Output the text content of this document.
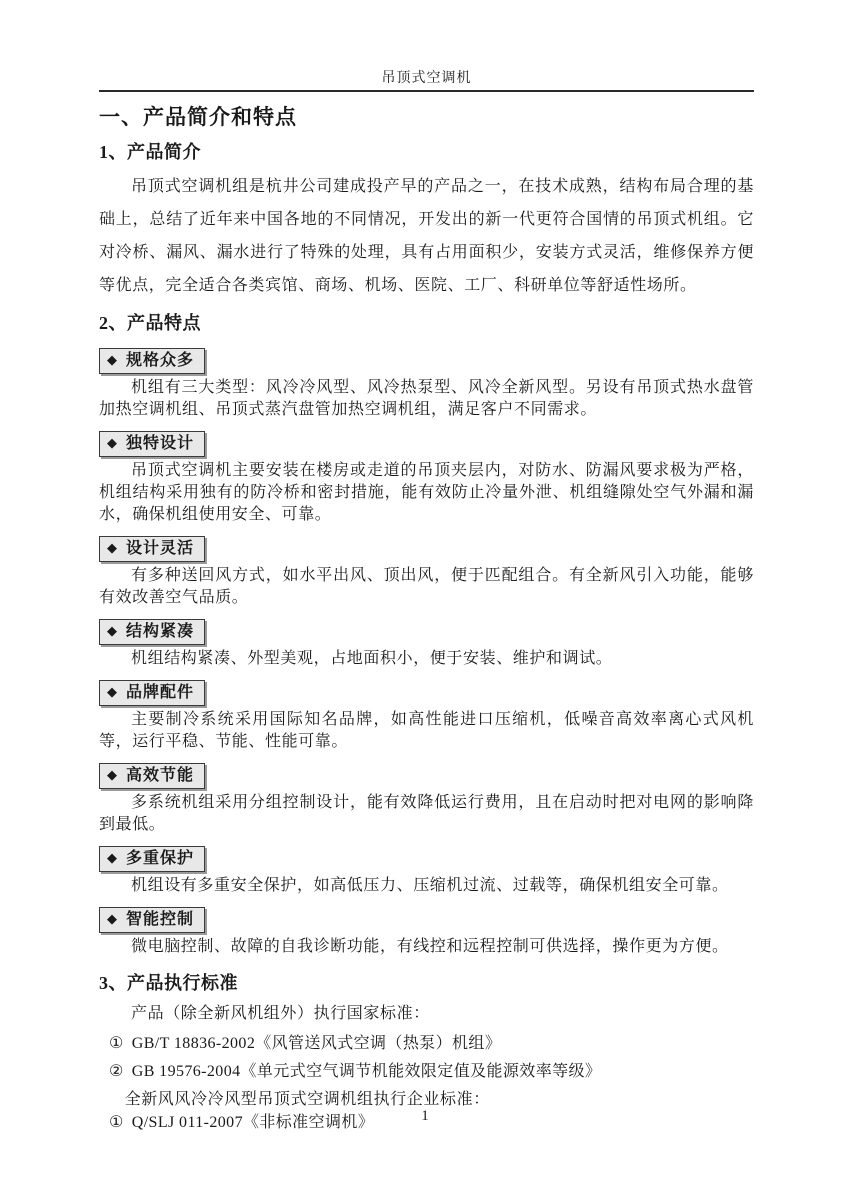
吊顶式空调机
一、产品简介和特点
1、产品简介

吊顶式空调机组是杭井公司建成投产早的产品之一，在技术成熟，结构布局合理的基础上，总结了近年来中国各地的不同情况，开发出的新一代更符合国情的吊顶式机组。它对冷桥、漏风、漏水进行了特殊的处理，具有占用面积少，安装方式灵活，维修保养方便等优点，完全适合各类宾馆、商场、机场、医院、工厂、科研单位等舒适性场所。

2、产品特点
◆ 规格众多

机组有三大类型：风冷冷风型、风冷热泵型、风冷全新风型。另设有吊顶式热水盘管加热空调机组、吊顶式蒸汽盘管加热空调机组，满足客户不同需求。

◆ 独特设计

吊顶式空调机主要安装在楼房或走道的吊顶夹层内，对防水、防漏风要求极为严格，机组结构采用独有的防冷桥和密封措施，能有效防止冷量外泄、机组缝隙处空气外漏和漏水，确保机组使用安全、可靠。

◆ 设计灵活

有多种送回风方式，如水平出风、顶出风，便于匹配组合。有全新风引入功能，能够有效改善空气品质。

◆ 结构紧凑

机组结构紧凑、外型美观，占地面积小，便于安装、维护和调试。

◆ 品牌配件

主要制冷系统采用国际知名品牌，如高性能进口压缩机，低噪音高效率离心式风机等，运行平稳、节能、性能可靠。

◆ 高效节能

多系统机组采用分组控制设计，能有效降低运行费用，且在启动时把对电网的影响降到最低。

◆ 多重保护

机组设有多重安全保护，如高低压力、压缩机过流、过载等，确保机组安全可靠。

◆ 智能控制

微电脑控制、故障的自我诊断功能，有线控和远程控制可供选择，操作更为方便。

3、产品执行标准

产品（除全新风机组外）执行国家标准：

① GB/T 18836-2002《风管送风式空调（热泵）机组》

② GB 19576-2004《单元式空气调节机能效限定值及能源效率等级》

全新风风冷冷风型吊顶式空调机组执行企业标准：

① Q/SLJ 011-2007《非标准空调机》	1
